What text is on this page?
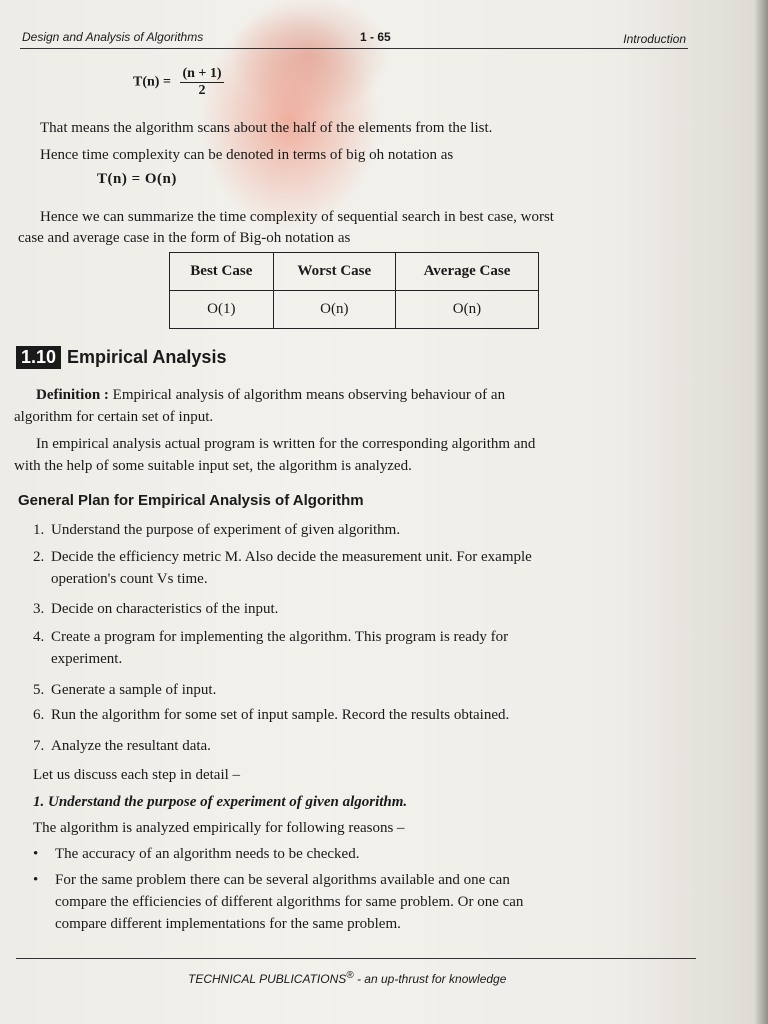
Design and Analysis of Algorithms	1 - 65	Introduction
$T(n) = \frac{(n + 1)}{2}$
That means the algorithm scans about the half of the elements from the list.
Hence time complexity can be denoted in terms of big oh notation as
T(n) = O(n)
Hence we can summarize the time complexity of sequential search in best case, worst
case and average case in the form of Big-oh notation as
Best Case	Worst Case	Average Case
O(1)	O(n)	O(n)
1.10 Empirical Analysis
Definition : Empirical analysis of algorithm means observing behaviour of an
algorithm for certain set of input.
In empirical analysis actual program is written for the corresponding algorithm and
with the help of some suitable input set, the algorithm is analyzed.
General Plan for Empirical Analysis of Algorithm
1. Understand the purpose of experiment of given algorithm.
2. Decide the efficiency metric M. Also decide the measurement unit. For example
operation's count Vs time.
3. Decide on characteristics of the input.
4. Create a program for implementing the algorithm. This program is ready for
experiment.
5. Generate a sample of input.
6. Run the algorithm for some set of input sample. Record the results obtained.
7. Analyze the resultant data.
Let us discuss each step in detail –
1. Understand the purpose of experiment of given algorithm.
The algorithm is analyzed empirically for following reasons –
• The accuracy of an algorithm needs to be checked.
• For the same problem there can be several algorithms available and one can
compare the efficiencies of different algorithms for same problem. Or one can
compare different implementations for the same problem.
TECHNICAL PUBLICATIONS® - an up-thrust for knowledge
